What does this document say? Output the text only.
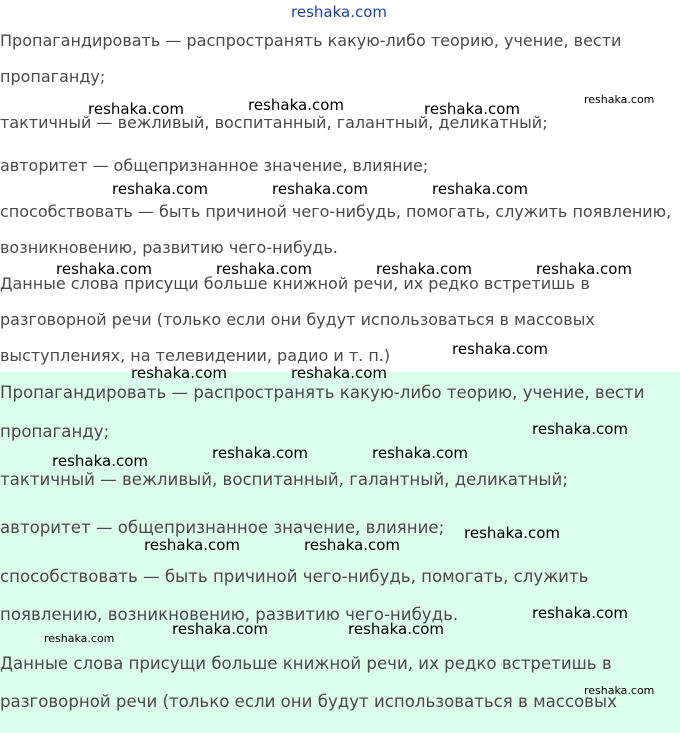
Пропагандировать — распространять какую-либо теорию, учение, вести
пропаганду;
тактичный — вежливый, воспитанный, галантный, деликатный;
авторитет — общепризнанное значение, влияние;
способствовать — быть причиной чего-нибудь, помогать, служить появлению,
возникновению, развитию чего-нибудь.
Данные слова присущи больше книжной речи, их редко встретишь в
разговорной речи (только если они будут использоваться в массовых
выступлениях, на телевидении, радио и т. п.)
Пропагандировать — распространять какую-либо теорию, учение, вести
пропаганду;
тактичный — вежливый, воспитанный, галантный, деликатный;
авторитет — общепризнанное значение, влияние;
способствовать — быть причиной чего-нибудь, помогать, служить
появлению, возникновению, развитию чего-нибудь.
Данные слова присущи больше книжной речи, их редко встретишь в
разговорной речи (только если они будут использоваться в массовых
reshaka.com
reshaka.com	reshaka.com	reshaka.com
reshaka.com
reshaka.com	reshaka.com	reshaka.com
reshaka.com	reshaka.com	reshaka.com	reshaka.com
reshaka.com
reshaka.com	reshaka.com
reshaka.com
reshaka.com	reshaka.com
reshaka.com
reshaka.com
reshaka.com	reshaka.com
reshaka.com
reshaka.com	reshaka.com
reshaka.com
reshaka.com
